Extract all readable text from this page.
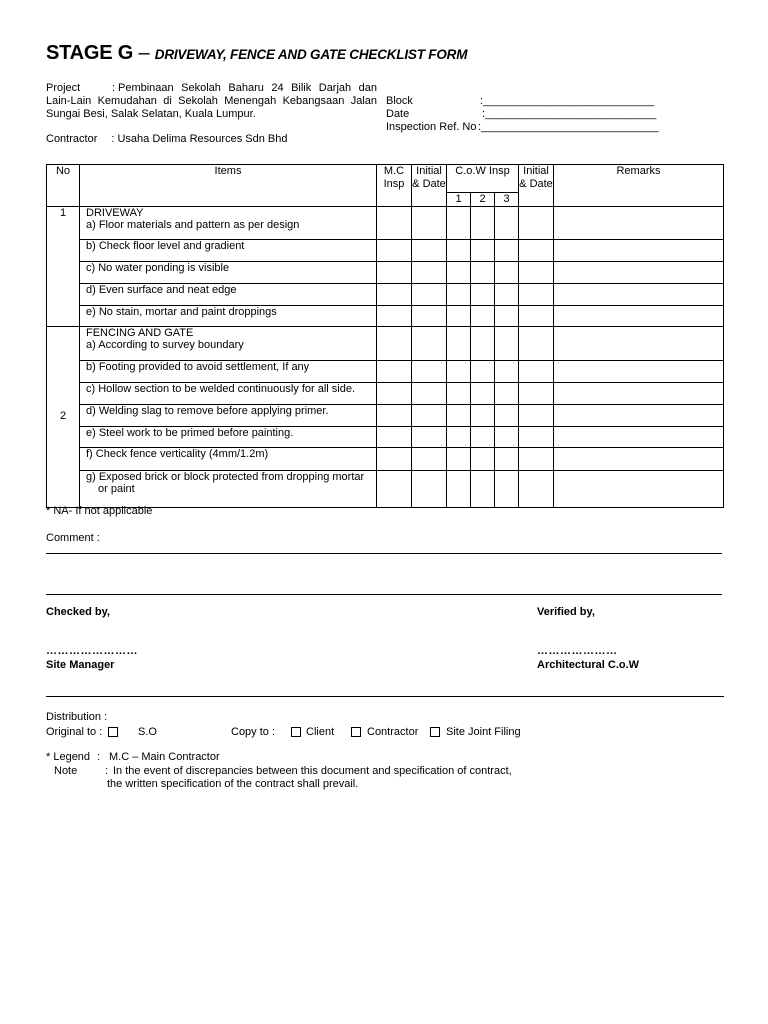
STAGE G – DRIVEWAY, FENCE AND GATE CHECKLIST FORM
Project	: Pembinaan Sekolah Baharu 24 Bilik Darjah dan Lain-Lain Kemudahan di Sekolah Menengah Kebangsaan Jalan Sungai Besi, Salak Selatan, Kuala Lumpur.
Contractor : Usaha Delima Resources Sdn Bhd
Block	:____________________________
Date	:____________________________
Inspection Ref. No :_____________________________
No	Items	M.C Insp	Initial & Date	C.o.W Insp			Initial & Date	Remarks
				1	2	3		
1	DRIVEWAY
a) Floor materials and pattern as per design							

	b) Check floor level and gradient							
	c) No water ponding is visible							
	d) Even surface and neat edge							
	e) No stain, mortar and paint droppings							
2	FENCING AND GATE
a) According to survey boundary							

	b) Footing provided to avoid settlement, If any							
	c) Hollow section to be welded continuously for all side.							
	d) Welding slag to remove before applying primer.							
	e) Steel work to be primed before painting.							
	f) Check fence verticality (4mm/1.2m)							
	g) Exposed brick or block protected from dropping mortar or paint							
* NA- If not applicable
Comment :
Checked by,
……………………
Site Manager
Verified by,
…………………
Architectural C.o.W
Distribution :
Original to :	S.O	Copy to :	Client	Contractor	Site Joint Filing
* Legend : M.C – Main Contractor
Note	: In the event of discrepancies between this document and specification of contract,
the written specification of the contract shall prevail.
